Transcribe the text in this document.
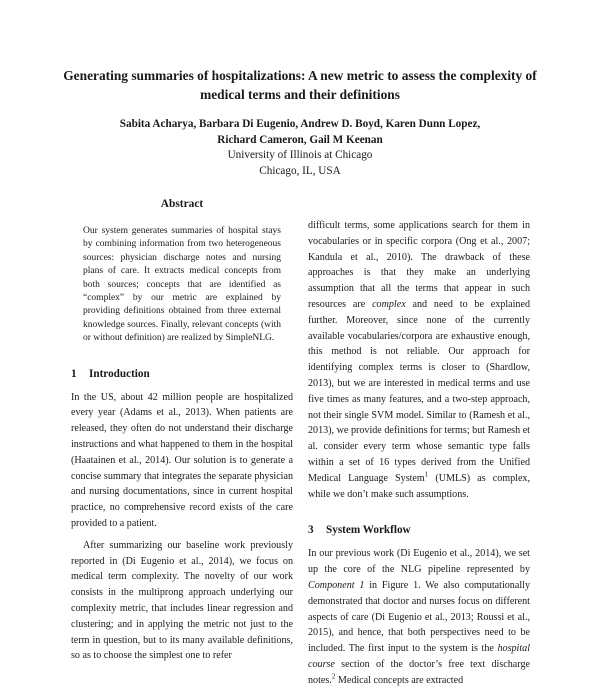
Generating summaries of hospitalizations: A new metric to assess the complexity of medical terms and their definitions
Sabita Acharya, Barbara Di Eugenio, Andrew D. Boyd, Karen Dunn Lopez,
Richard Cameron, Gail M Keenan
University of Illinois at Chicago
Chicago, IL, USA
Abstract
Our system generates summaries of hospital stays by combining information from two heterogeneous sources: physician discharge notes and nursing plans of care. It extracts medical concepts from both sources; concepts that are identified as “complex” by our metric are explained by providing definitions obtained from three external knowledge sources. Finally, relevant concepts (with or without definition) are realized by SimpleNLG.
1 Introduction

In the US, about 42 million people are hospitalized every year (Adams et al., 2013). When patients are released, they often do not understand their discharge instructions and what happened to them in the hospital (Haatainen et al., 2014). Our solution is to generate a concise summary that integrates the separate physician and nursing documentations, since in current hospital practice, no comprehensive record exists of the care provided to a patient.

After summarizing our baseline work previously reported in (Di Eugenio et al., 2014), we focus on medical term complexity. The novelty of our work consists in the multiprong approach underlying our complexity metric, that includes linear regression and clustering; and in applying the metric not just to the term in question, but to its many available definitions, so as to choose the simplest one to refer

difficult terms, some applications search for them in vocabularies or in specific corpora (Ong et al., 2007; Kandula et al., 2010). The drawback of these approaches is that they make an underlying assumption that all the terms that appear in such resources are complex and need to be explained further. Moreover, since none of the currently available vocabularies/corpora are exhaustive enough, this method is not reliable. Our approach for identifying complex terms is closer to (Shardlow, 2013), but we are interested in medical terms and use five times as many features, and a two-step approach, not their single SVM model. Similar to (Ramesh et al., 2013), we provide definitions for terms; but Ramesh et al. consider every term whose semantic type falls within a set of 16 types derived from the Unified Medical Language System$^1$ (UMLS) as complex, while we don’t make such assumptions.

3 System Workflow

In our previous work (Di Eugenio et al., 2014), we set up the core of the NLG pipeline represented by Component 1 in Figure 1. We also computationally demonstrated that doctor and nurses focus on different aspects of care (Di Eugenio et al., 2013; Roussi et al., 2015), and hence, that both perspectives need to be included. The first input to the system is the hospital course section of the doctor’s free text discharge notes.$^2$ Medical concepts are extracted
